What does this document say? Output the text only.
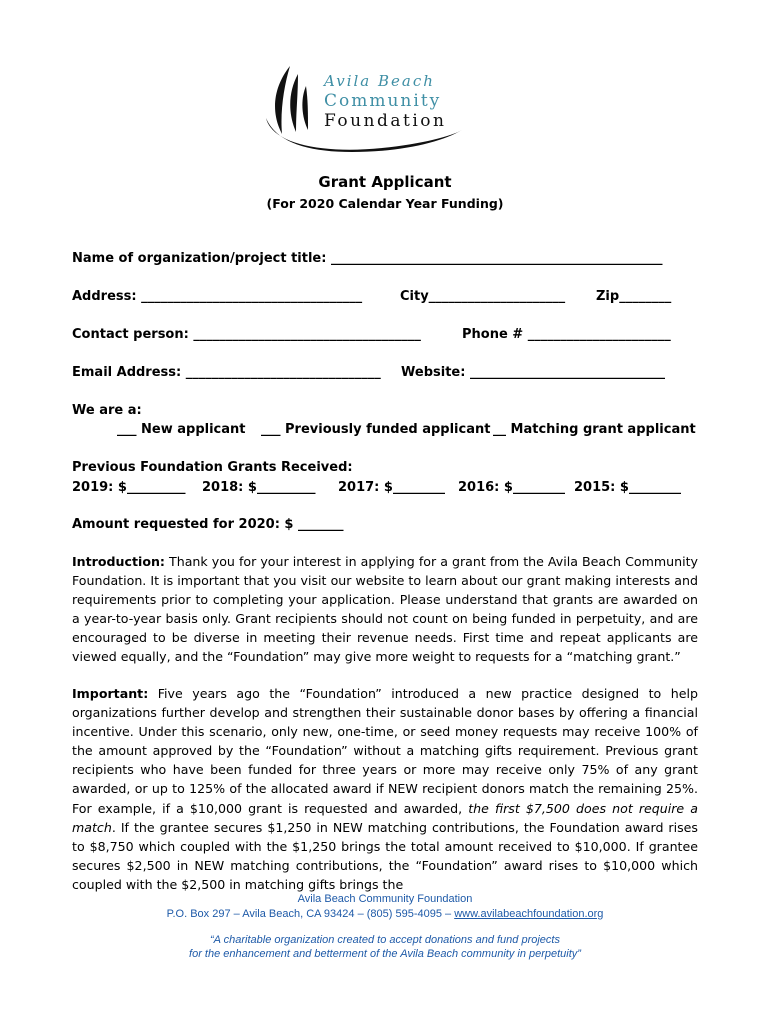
Avila Beach
Community
Foundation
Grant Applicant
(For 2020 Calendar Year Funding)
Name of organization/project title: ___________________________________________________
Address: __________________________________	City_____________________ Zip________
Contact person: ___________________________________	Phone # ______________________
Email Address: ______________________________ Website: ______________________________
We are a:
___ New applicant ___ Previously funded applicant __ Matching grant applicant
Previous Foundation Grants Received:
2019: $_________ 2018: $_________ 2017: $________ 2016: $________ 2015: $________
Amount requested for 2020: $ _______
Introduction: Thank you for your interest in applying for a grant from the Avila Beach Community Foundation. It is important that you visit our website to learn about our grant making interests and requirements prior to completing your application. Please understand that grants are awarded on a year-to-year basis only. Grant recipients should not count on being funded in perpetuity, and are encouraged to be diverse in meeting their revenue needs. First time and repeat applicants are viewed equally, and the “Foundation” may give more weight to requests for a “matching grant.”
Important: Five years ago the “Foundation” introduced a new practice designed to help organizations further develop and strengthen their sustainable donor bases by offering a financial incentive. Under this scenario, only new, one-time, or seed money requests may receive 100% of the amount approved by the “Foundation” without a matching gifts requirement. Previous grant recipients who have been funded for three years or more may receive only 75% of any grant awarded, or up to 125% of the allocated award if NEW recipient donors match the remaining 25%. For example, if a $10,000 grant is requested and awarded, the first $7,500 does not require a match. If the grantee secures $1,250 in NEW matching contributions, the Foundation award rises to $8,750 which coupled with the $1,250 brings the total amount received to $10,000. If grantee secures $2,500 in NEW matching contributions, the “Foundation” award rises to $10,000 which coupled with the $2,500 in matching gifts brings the
Avila Beach Community Foundation
P.O. Box 297 – Avila Beach, CA 93424 – (805) 595-4095 – www.avilabeachfoundation.org
“A charitable organization created to accept donations and fund projects
for the enhancement and betterment of the Avila Beach community in perpetuity”
